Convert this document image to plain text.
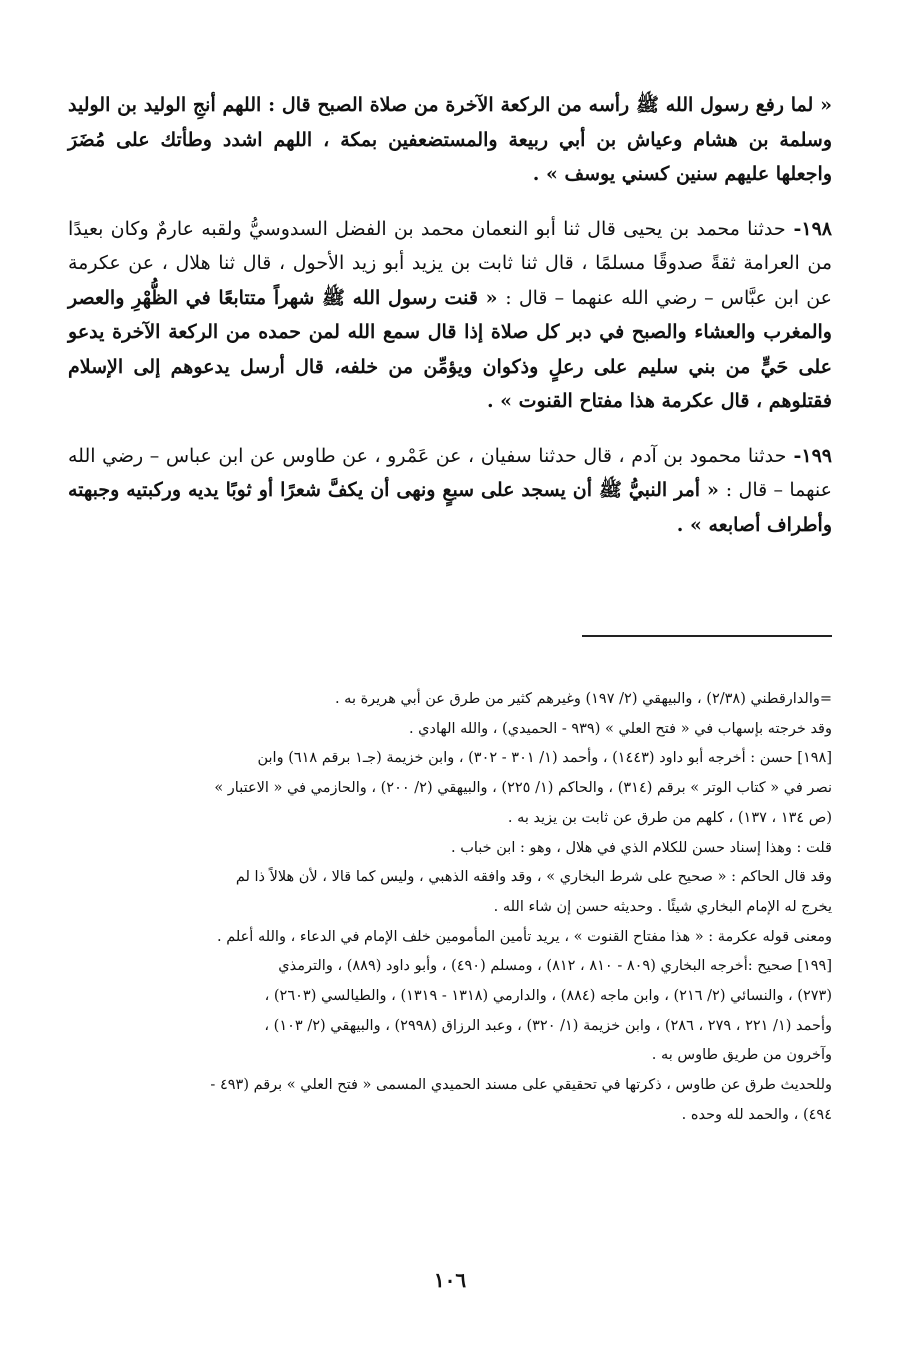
« لما رفع رسول الله ﷺ رأسه من الركعة الآخرة من صلاة الصبح قال : اللهم أنجِ الوليد بن الوليد وسلمة بن هشام وعياش بن أبي ربيعة والمستضعفين بمكة ، اللهم اشدد وطأتك على مُضَرَ واجعلها عليهم سنين كسني يوسف » .

١٩٨- حدثنا محمد بن يحيى قال ثنا أبو النعمان محمد بن الفضل السدوسيُّ ولقبه عارمٌ وكان بعيدًا من العرامة ثقةً صدوقًا مسلمًا ، قال ثنا ثابت بن يزيد أبو زيد الأحول ، قال ثنا هلال ، عن عكرمة عن ابن عبَّاس – رضي الله عنهما – قال : « قنت رسول الله ﷺ شهراً متتابعًا في الظُّهْرِ والعصر والمغرب والعشاء والصبح في دبر كل صلاة إذا قال سمع الله لمن حمده من الركعة الآخرة يدعو على حَيٍّ من بني سليم على رعلٍ وذكوان ويؤمِّن من خلفه، قال أرسل يدعوهم إلى الإسلام فقتلوهم ، قال عكرمة هذا مفتاح القنوت » .

١٩٩- حدثنا محمود بن آدم ، قال حدثنا سفيان ، عن عَمْرو ، عن طاوس عن ابن عباس – رضي الله عنهما – قال : « أمر النبيُّ ﷺ أن يسجد على سبعٍ ونهى أن يكفَّ شعرًا أو ثوبًا يديه وركبتيه وجبهته وأطراف أصابعه » .

=والدارقطني (٢/٣٨) ، والبيهقي (٢/ ١٩٧) وغيرهم كثير من طرق عن أبي هريرة به .

وقد خرجته بإسهاب في « فتح العلي » (٩٣٩ - الحميدي) ، والله الهادي .

[١٩٨] حسن : أخرجه أبو داود (١٤٤٣) ، وأحمد (١/ ٣٠١ - ٣٠٢) ، وابن خزيمة (جـ١ برقم ٦١٨) وابن

نصر في « كتاب الوتر » برقم (٣١٤) ، والحاكم (١/ ٢٢٥) ، والبيهقي (٢/ ٢٠٠) ، والحازمي في « الاعتبار »

(ص ١٣٤ ، ١٣٧) ، كلهم من طرق عن ثابت بن يزيد به .

قلت : وهذا إسناد حسن للكلام الذي في هلال ، وهو : ابن خباب .

وقد قال الحاكم : « صحيح على شرط البخاري » ، وقد وافقه الذهبي ، وليس كما قالا ، لأن هلالاً ذا لم

يخرج له الإمام البخاري شيئًا . وحديثه حسن إن شاء الله .

ومعنى قوله عكرمة : « هذا مفتاح القنوت » ، يريد تأمين المأمومين خلف الإمام في الدعاء ، والله أعلم .

[١٩٩] صحيح :أخرجه البخاري (٨٠٩ - ٨١٠ ، ٨١٢) ، ومسلم (٤٩٠) ، وأبو داود (٨٨٩) ، والترمذي

(٢٧٣) ، والنسائي (٢/ ٢١٦) ، وابن ماجه (٨٨٤) ، والدارمي (١٣١٨ - ١٣١٩) ، والطيالسي (٢٦٠٣) ،

وأحمد (١/ ٢٢١ ، ٢٧٩ ، ٢٨٦) ، وابن خزيمة (١/ ٣٢٠) ، وعبد الرزاق (٢٩٩٨) ، والبيهقي (٢/ ١٠٣) ،

وآخرون من طريق طاوس به .

وللحديث طرق عن طاوس ، ذكرتها في تحقيقي على مسند الحميدي المسمى « فتح العلي » برقم (٤٩٣ -

٤٩٤) ، والحمد لله وحده .

١٠٦
